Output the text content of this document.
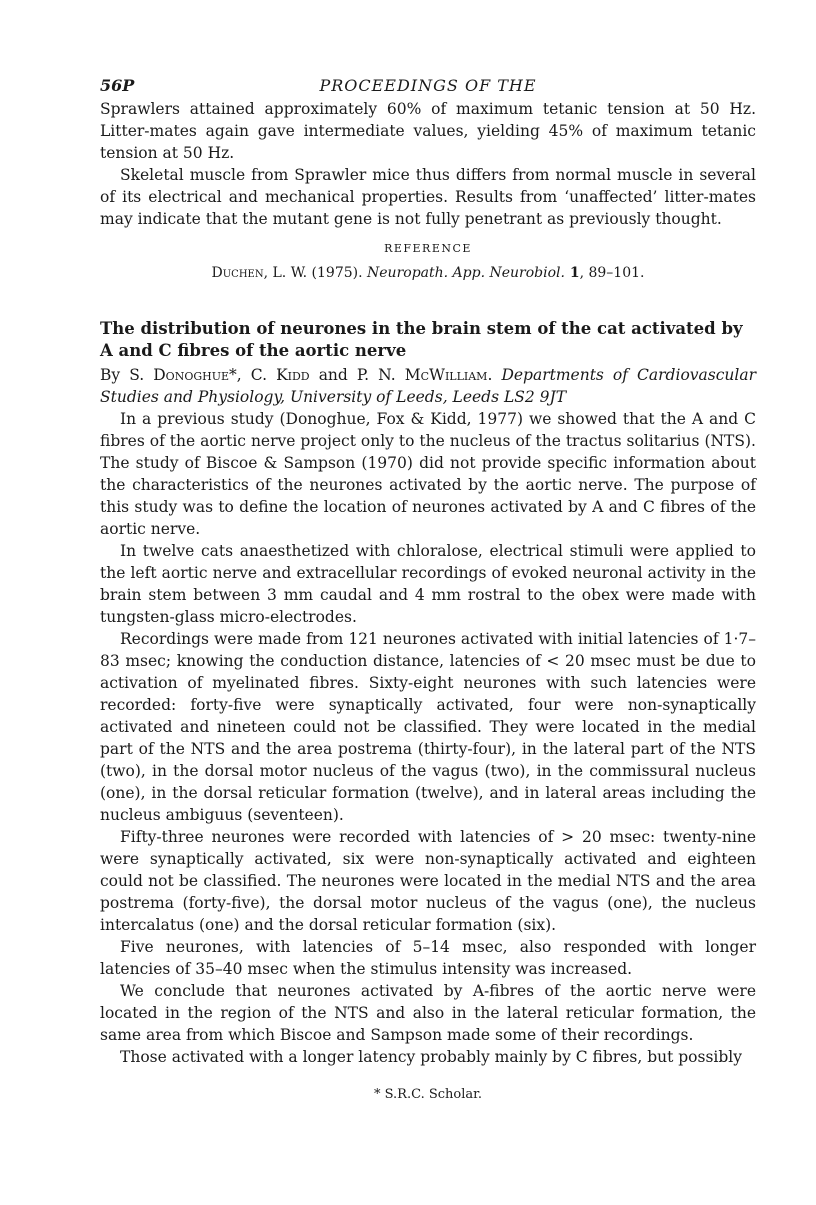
56P	PROCEEDINGS OF THE

Sprawlers attained approximately 60% of maximum tetanic tension at 50 Hz. Litter-mates again gave intermediate values, yielding 45% of maximum tetanic tension at 50 Hz.

Skeletal muscle from Sprawler mice thus differs from normal muscle in several of its electrical and mechanical properties. Results from ‘unaffected’ litter-mates may indicate that the mutant gene is not fully penetrant as previously thought.

REFERENCE
Duchen, L. W. (1975). Neuropath. App. Neurobiol. 1, 89–101.
The distribution of neurones in the brain stem of the cat activated by A and C fibres of the aortic nerve

By S. Donoghue*, C. Kidd and P. N. McWilliam. Departments of Cardiovascular Studies and Physiology, University of Leeds, Leeds LS2 9JT

In a previous study (Donoghue, Fox & Kidd, 1977) we showed that the A and C fibres of the aortic nerve project only to the nucleus of the tractus solitarius (NTS). The study of Biscoe & Sampson (1970) did not provide specific information about the characteristics of the neurones activated by the aortic nerve. The purpose of this study was to define the location of neurones activated by A and C fibres of the aortic nerve.

In twelve cats anaesthetized with chloralose, electrical stimuli were applied to the left aortic nerve and extracellular recordings of evoked neuronal activity in the brain stem between 3 mm caudal and 4 mm rostral to the obex were made with tungsten-glass micro-electrodes.

Recordings were made from 121 neurones activated with initial latencies of 1·7–83 msec; knowing the conduction distance, latencies of < 20 msec must be due to activation of myelinated fibres. Sixty-eight neurones with such latencies were recorded: forty-five were synaptically activated, four were non-synaptically activated and nineteen could not be classified. They were located in the medial part of the NTS and the area postrema (thirty-four), in the lateral part of the NTS (two), in the dorsal motor nucleus of the vagus (two), in the commissural nucleus (one), in the dorsal reticular formation (twelve), and in lateral areas including the nucleus ambiguus (seventeen).

Fifty-three neurones were recorded with latencies of > 20 msec: twenty-nine were synaptically activated, six were non-synaptically activated and eighteen could not be classified. The neurones were located in the medial NTS and the area postrema (forty-five), the dorsal motor nucleus of the vagus (one), the nucleus intercalatus (one) and the dorsal reticular formation (six).

Five neurones, with latencies of 5–14 msec, also responded with longer latencies of 35–40 msec when the stimulus intensity was increased.

We conclude that neurones activated by A-fibres of the aortic nerve were located in the region of the NTS and also in the lateral reticular formation, the same area from which Biscoe and Sampson made some of their recordings.

Those activated with a longer latency probably mainly by C fibres, but possibly

* S.R.C. Scholar.
